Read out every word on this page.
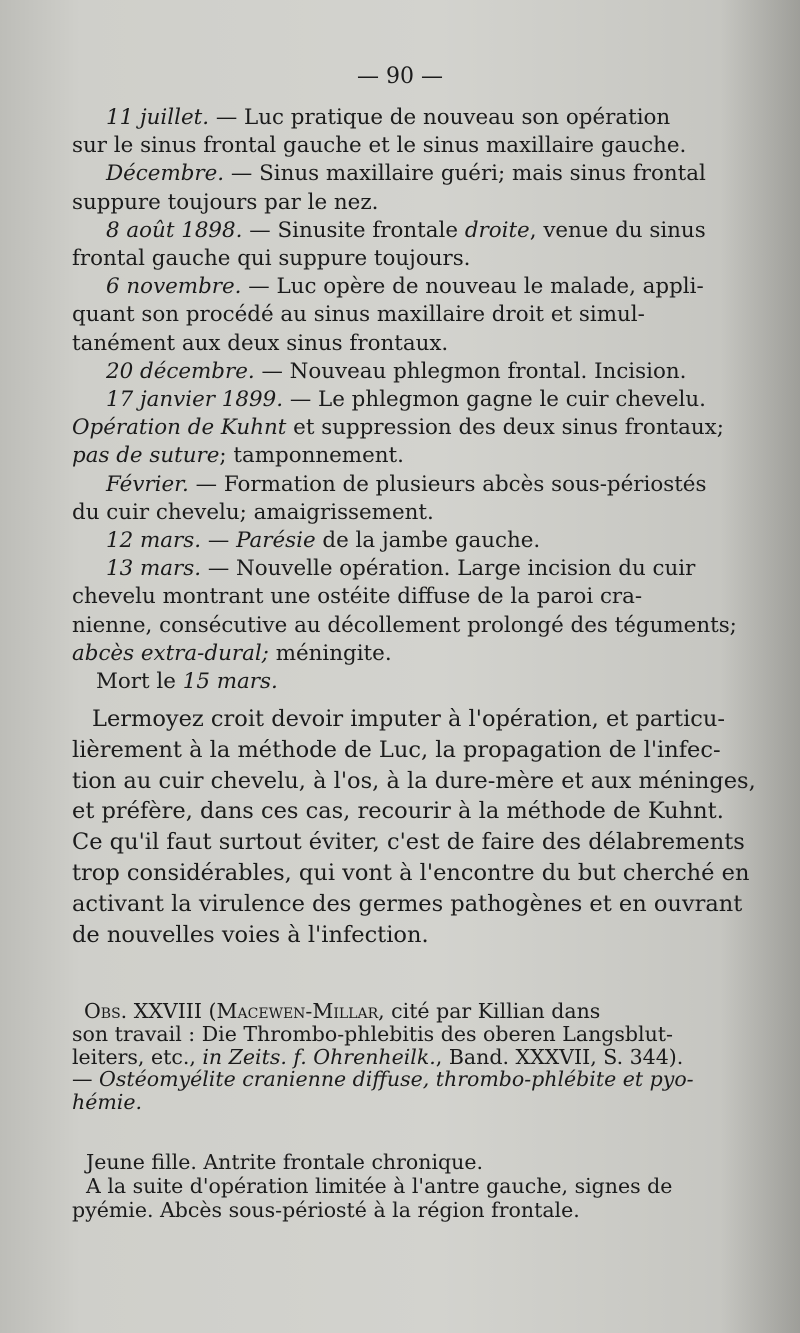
— 90 —
11 juillet. — Luc pratique de nouveau son opération
sur le sinus frontal gauche et le sinus maxillaire gauche.
Décembre. — Sinus maxillaire guéri; mais sinus frontal
suppure toujours par le nez.
8 août 1898. — Sinusite frontale droite, venue du sinus
frontal gauche qui suppure toujours.
6 novembre. — Luc opère de nouveau le malade, appli-
quant son procédé au sinus maxillaire droit et simul-
tanément aux deux sinus frontaux.
20 décembre. — Nouveau phlegmon frontal. Incision.
17 janvier 1899. — Le phlegmon gagne le cuir chevelu.
Opération de Kuhnt et suppression des deux sinus frontaux;
pas de suture; tamponnement.
Février. — Formation de plusieurs abcès sous-périostés
du cuir chevelu; amaigrissement.
12 mars. — Parésie de la jambe gauche.
13 mars. — Nouvelle opération. Large incision du cuir
chevelu montrant une ostéite diffuse de la paroi cra-
nienne, consécutive au décollement prolongé des téguments;
abcès extra-dural; méningite.
Mort le 15 mars.
Lermoyez croit devoir imputer à l'opération, et particu-
lièrement à la méthode de Luc, la propagation de l'infec-
tion au cuir chevelu, à l'os, à la dure-mère et aux méninges,
et préfère, dans ces cas, recourir à la méthode de Kuhnt.
Ce qu'il faut surtout éviter, c'est de faire des délabrements
trop considérables, qui vont à l'encontre du but cherché en
activant la virulence des germes pathogènes et en ouvrant
de nouvelles voies à l'infection.
Obs. XXVIII (Macewen-Millar, cité par Killian dans
son travail : Die Thrombo-phlebitis des oberen Langsblut-
leiters, etc., in Zeits. f. Ohrenheilk., Band. XXXVII, S. 344).
— Ostéomyélite cranienne diffuse, thrombo-phlébite et pyo-
hémie.
Jeune fille. Antrite frontale chronique.
A la suite d'opération limitée à l'antre gauche, signes de
pyémie. Abcès sous-périosté à la région frontale.
